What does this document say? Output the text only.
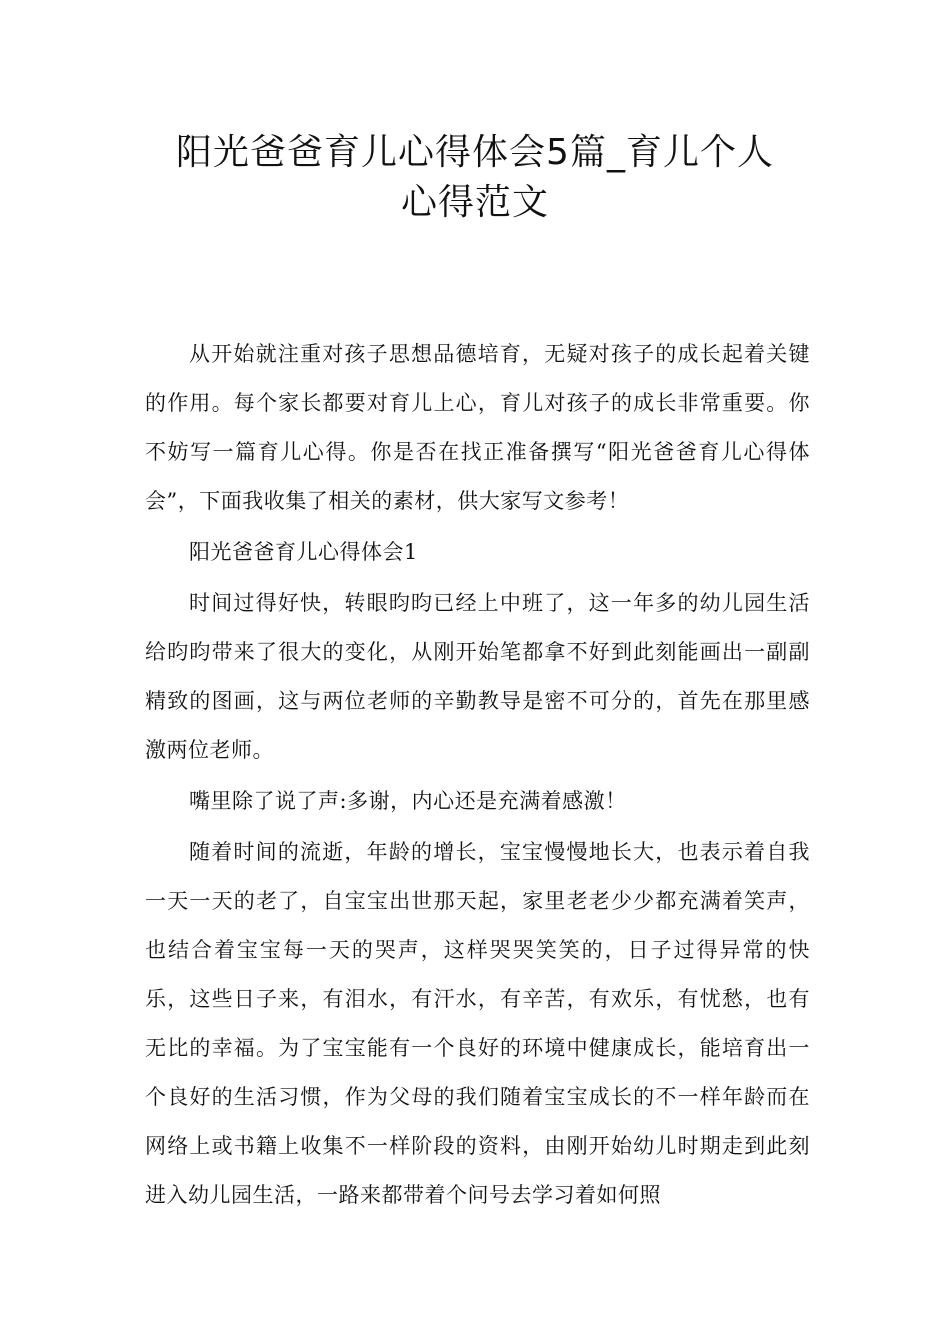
阳光爸爸育儿心得体会5篇_育儿个人
心得范文

从开始就注重对孩子思想品德培育，无疑对孩子的成长起着关键的作用。每个家长都要对育儿上心，育儿对孩子的成长非常重要。你不妨写一篇育儿心得。你是否在找正准备撰写“阳光爸爸育儿心得体会”，下面我收集了相关的素材，供大家写文参考！

阳光爸爸育儿心得体会1

时间过得好快，转眼昀昀已经上中班了，这一年多的幼儿园生活给昀昀带来了很大的变化，从刚开始笔都拿不好到此刻能画出一副副精致的图画，这与两位老师的辛勤教导是密不可分的，首先在那里感激两位老师。

嘴里除了说了声:多谢，内心还是充满着感激！

随着时间的流逝，年龄的增长，宝宝慢慢地长大，也表示着自我一天一天的老了，自宝宝出世那天起，家里老老少少都充满着笑声，也结合着宝宝每一天的哭声，这样哭哭笑笑的，日子过得异常的快乐，这些日子来，有泪水，有汗水，有辛苦，有欢乐，有忧愁，也有无比的幸福。为了宝宝能有一个良好的环境中健康成长，能培育出一个良好的生活习惯，作为父母的我们随着宝宝成长的不一样年龄而在网络上或书籍上收集不一样阶段的资料，由刚开始幼儿时期走到此刻进入幼儿园生活，一路来都带着个问号去学习着如何照
